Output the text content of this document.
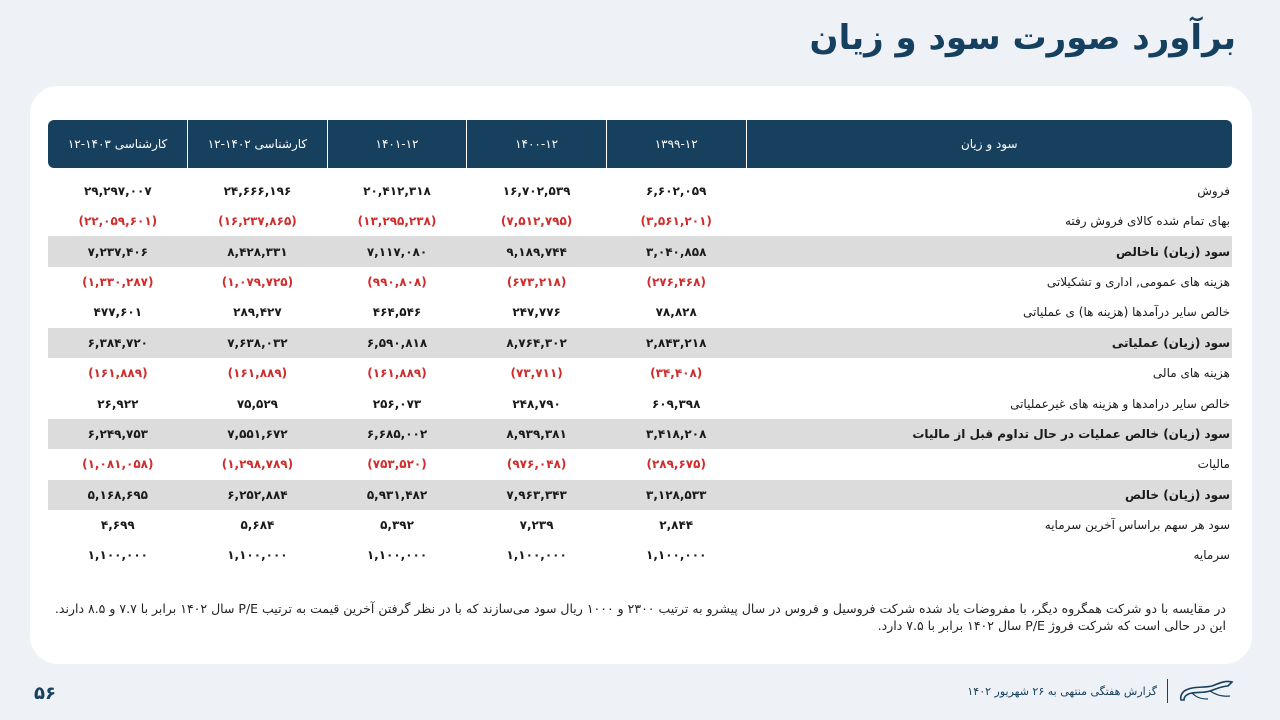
برآورد صورت سود و زیان
سود و زیان	۱۳۹۹-۱۲	۱۴۰۰-۱۲	۱۴۰۱-۱۲	کارشناسی ۱۴۰۲-۱۲	کارشناسی ۱۴۰۳-۱۲
فروش	۶,۶۰۲,۰۵۹	۱۶,۷۰۲,۵۳۹	۲۰,۴۱۲,۳۱۸	۲۴,۶۶۶,۱۹۶	۲۹,۲۹۷,۰۰۷
بهای تمام شده کالای فروش رفته	(۳,۵۶۱,۲۰۱)	(۷,۵۱۲,۷۹۵)	(۱۳,۲۹۵,۲۳۸)	(۱۶,۲۳۷,۸۶۵)	(۲۲,۰۵۹,۶۰۱)
سود (زیان) ناخالص	۳,۰۴۰,۸۵۸	۹,۱۸۹,۷۴۴	۷,۱۱۷,۰۸۰	۸,۴۲۸,۳۳۱	۷,۲۳۷,۴۰۶
هزینه های عمومی, اداری و تشکیلاتی	(۲۷۶,۴۶۸)	(۶۷۳,۲۱۸)	(۹۹۰,۸۰۸)	(۱,۰۷۹,۷۲۵)	(۱,۳۳۰,۲۸۷)
خالص سایر درآمدها (هزینه ها) ی عملیاتی	۷۸,۸۲۸	۲۴۷,۷۷۶	۴۶۴,۵۴۶	۲۸۹,۴۲۷	۴۷۷,۶۰۱
سود (زیان) عملیاتی	۲,۸۴۳,۲۱۸	۸,۷۶۴,۳۰۲	۶,۵۹۰,۸۱۸	۷,۶۳۸,۰۳۲	۶,۳۸۴,۷۲۰
هزینه های مالی	(۳۴,۴۰۸)	(۷۳,۷۱۱)	(۱۶۱,۸۸۹)	(۱۶۱,۸۸۹)	(۱۶۱,۸۸۹)
خالص سایر درامدها و هزینه های غیرعملیاتی	۶۰۹,۳۹۸	۲۴۸,۷۹۰	۲۵۶,۰۷۳	۷۵,۵۲۹	۲۶,۹۲۲
سود (زیان) خالص عملیات در حال تداوم قبل از مالیات	۳,۴۱۸,۲۰۸	۸,۹۳۹,۳۸۱	۶,۶۸۵,۰۰۲	۷,۵۵۱,۶۷۲	۶,۲۴۹,۷۵۳
مالیات	(۲۸۹,۶۷۵)	(۹۷۶,۰۴۸)	(۷۵۳,۵۲۰)	(۱,۲۹۸,۷۸۹)	(۱,۰۸۱,۰۵۸)
سود (زیان) خالص	۳,۱۲۸,۵۳۳	۷,۹۶۳,۳۴۳	۵,۹۳۱,۴۸۲	۶,۲۵۲,۸۸۴	۵,۱۶۸,۶۹۵
سود هر سهم براساس آخرین سرمایه	۲,۸۴۴	۷,۲۳۹	۵,۳۹۲	۵,۶۸۴	۴,۶۹۹
سرمایه	۱,۱۰۰,۰۰۰	۱,۱۰۰,۰۰۰	۱,۱۰۰,۰۰۰	۱,۱۰۰,۰۰۰	۱,۱۰۰,۰۰۰
در مقایسه با دو شرکت همگروه دیگر، با مفروضات یاد شده شرکت فروسیل و فروس در سال پیشرو به ترتیب ۲۳۰۰ و ۱۰۰۰ ریال سود می‌سازند که با در نظر گرفتن آخرین قیمت به ترتیب P/E سال ۱۴۰۲ برابر با ۷.۷ و ۸.۵ دارند.
این در حالی است که شرکت فروژ P/E سال ۱۴۰۲ برابر با ۷.۵ دارد.
گزارش هفتگی منتهی به ۲۶ شهریور ۱۴۰۲
۵۶
